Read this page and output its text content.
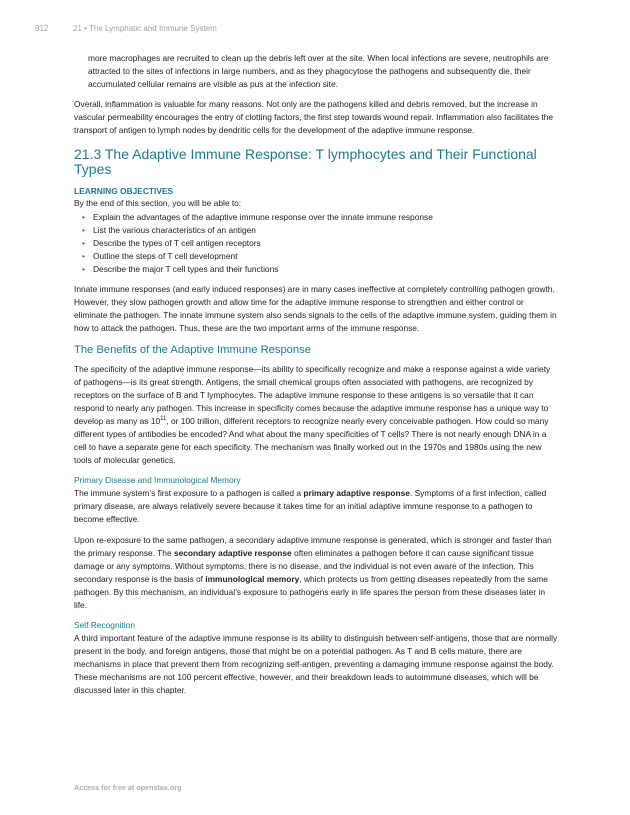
912	21 • The Lymphatic and Immune System

more macrophages are recruited to clean up the debris left over at the site. When local infections are severe, neutrophils are attracted to the sites of infections in large numbers, and as they phagocytose the pathogens and subsequently die, their accumulated cellular remains are visible as pus at the infection site.

Overall, inflammation is valuable for many reasons. Not only are the pathogens killed and debris removed, but the increase in vascular permeability encourages the entry of clotting factors, the first step towards wound repair. Inflammation also facilitates the transport of antigen to lymph nodes by dendritic cells for the development of the adaptive immune response.

21.3 The Adaptive Immune Response: T lymphocytes and Their Functional Types
LEARNING OBJECTIVES

By the end of this section, you will be able to:

• Explain the advantages of the adaptive immune response over the innate immune response
• List the various characteristics of an antigen
• Describe the types of T cell antigen receptors
• Outline the steps of T cell development
• Describe the major T cell types and their functions

Innate immune responses (and early induced responses) are in many cases ineffective at completely controlling pathogen growth. However, they slow pathogen growth and allow time for the adaptive immune response to strengthen and either control or eliminate the pathogen. The innate immune system also sends signals to the cells of the adaptive immune system, guiding them in how to attack the pathogen. Thus, these are the two important arms of the immune response.

The Benefits of the Adaptive Immune Response

The specificity of the adaptive immune response—its ability to specifically recognize and make a response against a wide variety of pathogens—is its great strength. Antigens, the small chemical groups often associated with pathogens, are recognized by receptors on the surface of B and T lymphocytes. The adaptive immune response to these antigens is so versatile that it can respond to nearly any pathogen. This increase in specificity comes because the adaptive immune response has a unique way to develop as many as $10^{11}$, or 100 trillion, different receptors to recognize nearly every conceivable pathogen. How could so many different types of antibodies be encoded? And what about the many specificities of T cells? There is not nearly enough DNA in a cell to have a separate gene for each specificity. The mechanism was finally worked out in the 1970s and 1980s using the new tools of molecular genetics.

Primary Disease and Immunological Memory

The immune system’s first exposure to a pathogen is called a primary adaptive response. Symptoms of a first infection, called primary disease, are always relatively severe because it takes time for an initial adaptive immune response to a pathogen to become effective.

Upon re-exposure to the same pathogen, a secondary adaptive immune response is generated, which is stronger and faster than the primary response. The secondary adaptive response often eliminates a pathogen before it can cause significant tissue damage or any symptoms. Without symptoms, there is no disease, and the individual is not even aware of the infection. This secondary response is the basis of immunological memory, which protects us from getting diseases repeatedly from the same pathogen. By this mechanism, an individual’s exposure to pathogens early in life spares the person from these diseases later in life.

Self Recognition

A third important feature of the adaptive immune response is its ability to distinguish between self-antigens, those that are normally present in the body, and foreign antigens, those that might be on a potential pathogen. As T and B cells mature, there are mechanisms in place that prevent them from recognizing self-antigen, preventing a damaging immune response against the body. These mechanisms are not 100 percent effective, however, and their breakdown leads to autoimmune diseases, which will be discussed later in this chapter.

Access for free at openstax.org
